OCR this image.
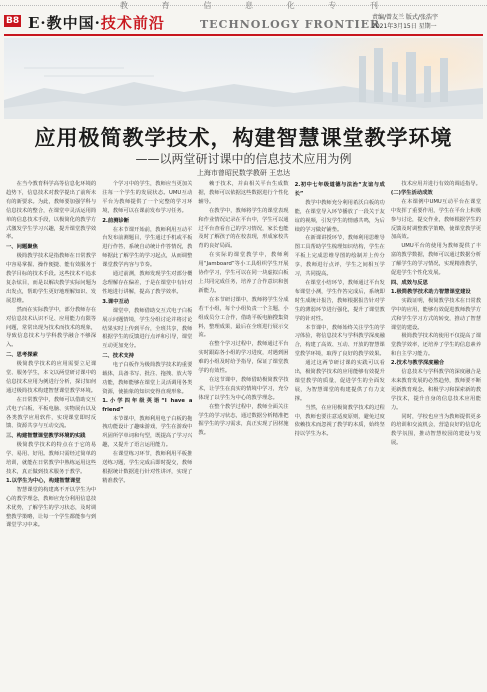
教	育	信	息	化	专	刊
B8 E·教中国·技术前沿	TECHNOLOGY FRONTIER
责编/曾友兰 版式/张浩宇
2021年3月15日 星期一
应用极简教学技术，构建智慧课堂教学环境
——以两堂研讨课中的信息技术应用为例
上海市曾昭民数学教研 王忠达

在当今教育科学高等信息化环境的趋势下，信息技术对教学提出了前所未有的新要求。为此，教师要加强学科与信息技术的整合，在课堂中灵活运用简单的信息技术手段，以极简化的教学方式激发学生学习兴趣，提升课堂教学效率。

一、问题聚焦

极简教学技术是指教师在日常教学中容易掌握、操作便捷、能有效服务于教学目标的技术手段。这些技术不追求复杂炫目，而是以解决教学实际问题为出发点，帮助学生更好地理解知识、发展思维。

然而在实际教学中，部分教师存在对信息技术认识不足、应用能力有限等问题，常常出现为技术而技术的现象，导致信息技术与学科教学融合不够深入。

二、思考探索

极简教学技术的应用需要立足课堂、服务学生，本文以两堂研讨课中的信息技术应用为例进行分析，探讨如何通过极简技术构建智慧课堂教学环境。

在日常教学中，教师可以借助交互式电子白板、平板电脑、实物展台以及各类教学应用软件，实现课堂即时反馈、资源共享与互动交流。

三、构建智慧课堂教学环境的实践

极简教学技术的特点在于它的易学、易用、好用。教师只需经过简单的培训，就能在日常教学中熟练运用这些技术，真正做到技术服务于教学。

1.以学生为中心，构建智慧课堂

智慧课堂的构建离不开以学生为中心的教学理念，教师应充分利用信息技术优势，了解学生的学习状态，及时调整教学策略，让每一个学生都能参与到课堂学习中来。

个学习中的学生，教师应当更加关注每一个学生的发展状态。UMU互动平台为教师提供了一个完整的学习环境，教师可以在课前发布学习任务。

2.前测诊断

在本节课开始前，教师利用互动平台发布前测题目，学生通过手机或平板进行作答，系统自动统计作答情况，教师据此了解学生的学习起点，从而调整课堂教学内容与节奏。

通过前测，教师发现学生对部分概念理解存在偏差，于是在课堂中有针对性地进行讲解，提高了教学效率。

3.课中互动

课堂中，教师借助交互式电子白板展示问题情境，学生分组讨论并将讨论结果实时上传到平台，全班共享，教师根据学生的反馈进行点评和引导，课堂互动更加充分。

二、技术支持

电子白板作为极简教学技术的重要载体，具备书写、批注、拖拽、放大等功能，教师能够在课堂上灵活调用各类资源，使抽象的知识变得直观形象。

1.小学四年级英语“I have a friend”

本节课中，教师利用电子白板的拖拽功能设计了趣味游戏，学生在游戏中巩固所学单词和句型，既提高了学习兴趣，又提升了语言运用能力。

在课堂练习环节，教师利用平板推送练习题，学生完成后即时提交，教师根据统计数据进行针对性讲评，实现了精准教学。

赖于技术，并由相关平台生成数据，教师可以依据这些数据进行个性化辅导。

在教学中，教师将学生的课堂表现和作业情况记录在平台中，学生可以通过平台查看自己的学习情况，家长也能及时了解孩子的在校表现，形成家校共育的良好局面。

在实际的课堂教学中，教师利用“Jamboard”等小工具组织学生开展协作学习，学生可以在同一块虚拟白板上共同完成任务，培养了合作意识和创新能力。

在本节研讨课中，教师将学生分成若干小组，每个小组负责一个主题，小组成员分工合作，借助平板电脑搜集资料，整理成果，最后在全班进行展示交流。

在整个学习过程中，教师通过平台实时跟踪各小组的学习进度，对遇到困难的小组及时给予指导，保证了课堂教学的有效性。

在这节课中，教师借助极简教学技术，让学生在真实的情境中学习，充分体现了以学生为中心的教学理念。

在整个教学过程中，教师全面关注学生的学习状态，通过数据分析精准把握学生的学习需求，真正实现了因材施教。

2.初中七年级道德与法治“友谊与成长”

教学中教师充分利用希沃白板的功能，在课堂导入环节播放了一段关于友谊的视频，引发学生的情感共鸣，为后续的学习做好铺垫。

在新课讲授环节，教师利用思维导图工具帮助学生梳理知识结构，学生在平板上完成思维导图的绘制并上传分享，教师进行点评，学生之间相互学习，共同提高。

在课堂小结环节，教师通过平台发布课堂小测，学生作答完成后，系统即时生成统计报告，教师根据报告针对学生的薄弱环节进行强化，提升了课堂教学的针对性。

本节课中，教师始终关注学生的学习体验，将信息技术与学科教学深度融合，构建了高效、互动、开放的智慧课堂教学环境，取得了良好的教学效果。

通过这两节研讨课的实践可以看出，极简教学技术的应用能够有效提升课堂教学的质量，促进学生的全面发展，为智慧课堂的构建提供了有力支撑。

当然，在应用极简教学技术的过程中，教师也要注意适度原则，避免过度依赖技术而忽视了教学的本质，始终坚持以学生为本。

技术应用并进行有效的调适指导。

(二)学生活动成效

在本课例中UMU互动平台在课堂中发挥了重要作用，学生在平台上积极参与讨论，提交作业，教师根据学生的反馈及时调整教学策略，使课堂教学更加高效。

UMU平台的使用为教师提供了丰富的教学数据，教师可以通过数据分析了解学生的学习情况，实现精准教学，促进学生个性化发展。

四、成效与反思

1.极简教学技术助力智慧课堂建设

实践证明，极简教学技术在日常教学中的应用，能够有效促进教师教学方式和学生学习方式的转变，推动了智慧课堂的建设。

极简教学技术的使用不仅提高了课堂教学效率，还培养了学生的信息素养和自主学习能力。

2.技术与教学深度融合

信息技术与学科教学的深度融合是未来教育发展的必然趋势，教师要不断更新教育观念，积极学习和探索新的教学技术，提升自身的信息技术应用能力。

同时，学校也应当为教师提供更多的培训和交流机会，营造良好的信息化教学氛围，推动智慧校园的建设与发展。
